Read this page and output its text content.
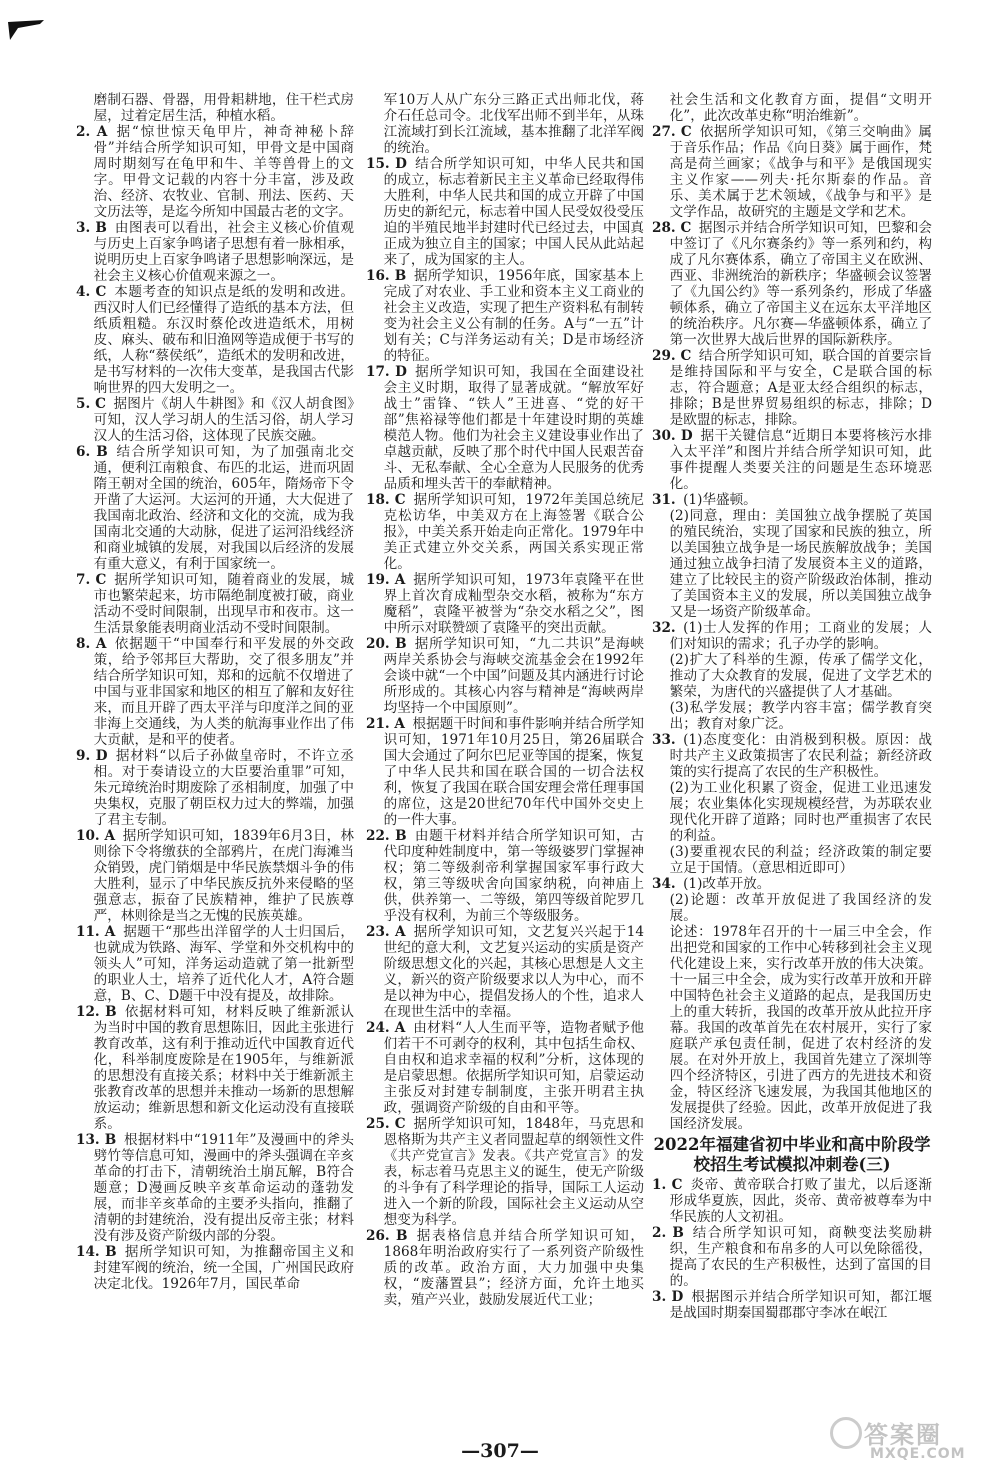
磨制石器、骨器，用骨耜耕地，住干栏式房屋，过着定居生活，种植水稻。

2. A 据“惊世惊天龟甲片，神奇神秘卜辞骨”并结合所学知识可知，甲骨文是中国商周时期刻写在龟甲和牛、羊等兽骨上的文字。甲骨文记载的内容十分丰富，涉及政治、经济、农牧业、官制、刑法、医药、天文历法等，是迄今所知中国最古老的文字。

3. B 由图表可以看出，社会主义核心价值观与历史上百家争鸣诸子思想有着一脉相承，说明历史上百家争鸣诸子思想影响深远，是社会主义核心价值观来源之一。

4. C 本题考查的知识点是纸的发明和改进。西汉时人们已经懂得了造纸的基本方法，但纸质粗糙。东汉时蔡伦改进造纸术，用树皮、麻头、破布和旧渔网等造成便于书写的纸，人称“蔡侯纸”，造纸术的发明和改进，是书写材料的一次伟大变革，是我国古代影响世界的四大发明之一。

5. C 据图片《胡人牛耕图》和《汉人胡食图》可知，汉人学习胡人的生活习俗，胡人学习汉人的生活习俗，这体现了民族交融。

6. B 结合所学知识可知，为了加强南北交通，便利江南粮食、布匹的北运，进而巩固隋王朝对全国的统治，605年，隋炀帝下令开凿了大运河。大运河的开通，大大促进了我国南北政治、经济和文化的交流，成为我国南北交通的大动脉，促进了运河沿线经济和商业城镇的发展，对我国以后经济的发展有重大意义，有利于国家统一。

7. C 据所学知识可知，随着商业的发展，城市也繁荣起来，坊市隔绝制度被打破，商业活动不受时间限制，出现早市和夜市。这一生活景象能表明商业活动不受时间限制。

8. A 依据题干“中国奉行和平发展的外交政策，给予邻邦巨大帮助，交了很多朋友”并结合所学知识可知，郑和的远航不仅增进了中国与亚非国家和地区的相互了解和友好往来，而且开辟了西太平洋与印度洋之间的亚非海上交通线，为人类的航海事业作出了伟大贡献，是和平的使者。

9. D 据材料“以后子孙做皇帝时，不许立丞相。对于奏请设立的大臣要治重罪”可知，朱元璋统治时期废除了丞相制度，加强了中央集权，克服了朝臣权力过大的弊端，加强了君主专制。

10. A 据所学知识可知，1839年6月3日，林则徐下令将缴获的全部鸦片，在虎门海滩当众销毁，虎门销烟是中华民族禁烟斗争的伟大胜利，显示了中华民族反抗外来侵略的坚强意志，振奋了民族精神，维护了民族尊严，林则徐是当之无愧的民族英雄。

11. A 据题干“那些出洋留学的人士归国后，也就成为铁路、海军、学堂和外交机构中的领头人”可知，洋务运动造就了第一批新型的职业人士，培养了近代化人才，A符合题意，B、C、D题干中没有提及，故排除。

12. B 依据材料可知，材料反映了维新派认为当时中国的教育思想陈旧，因此主张进行教育改革，这有利于推动近代中国教育近代化，科举制度废除是在1905年，与维新派的思想没有直接关系；材料中关于维新派主张教育改革的思想并未推动一场新的思想解放运动；维新思想和新文化运动没有直接联系。

13. B 根据材料中“1911年”及漫画中的斧头劈竹等信息可知，漫画中的斧头强调在辛亥革命的打击下，清朝统治土崩瓦解，B符合题意；D漫画反映辛亥革命运动的蓬勃发展，而非辛亥革命的主要矛头指向，推翻了清朝的封建统治，没有提出反帝主张；材料没有涉及资产阶级内部的分裂。

14. B 据所学知识可知，为推翻帝国主义和封建军阀的统治，统一全国，广州国民政府决定北伐。1926年7月，国民革命

军10万人从广东分三路正式出师北伐，蒋介石任总司令。北伐军出师不到半年，从珠江流域打到长江流域，基本推翻了北洋军阀的统治。

15. D 结合所学知识可知，中华人民共和国的成立，标志着新民主主义革命已经取得伟大胜利，中华人民共和国的成立开辟了中国历史的新纪元，标志着中国人民受奴役受压迫的半殖民地半封建时代已经过去，中国真正成为独立自主的国家；中国人民从此站起来了，成为国家的主人。

16. B 据所学知识，1956年底，国家基本上完成了对农业、手工业和资本主义工商业的社会主义改造，实现了把生产资料私有制转变为社会主义公有制的任务。A与“一五”计划有关；C与洋务运动有关；D是市场经济的特征。

17. D 据所学知识可知，我国在全面建设社会主义时期，取得了显著成就。“解放军好战士”雷锋、“铁人”王进喜、“党的好干部”焦裕禄等他们都是十年建设时期的英雄模范人物。他们为社会主义建设事业作出了卓越贡献，反映了那个时代中国人民艰苦奋斗、无私奉献、全心全意为人民服务的优秀品质和埋头苦干的奉献精神。

18. C 据所学知识可知，1972年美国总统尼克松访华，中美双方在上海签署《联合公报》，中美关系开始走向正常化。1979年中美正式建立外交关系，两国关系实现正常化。

19. A 据所学知识可知，1973年袁隆平在世界上首次育成籼型杂交水稻，被称为“东方魔稻”，袁隆平被誉为“杂交水稻之父”，图中所示对联赞颂了袁隆平的突出贡献。

20. B 据所学知识可知，“九二共识”是海峡两岸关系协会与海峡交流基金会在1992年会谈中就“一个中国”问题及其内涵进行讨论所形成的。其核心内容与精神是“海峡两岸均坚持一个中国原则”。

21. A 根据题干时间和事件影响并结合所学知识可知，1971年10月25日，第26届联合国大会通过了阿尔巴尼亚等国的提案，恢复了中华人民共和国在联合国的一切合法权利，恢复了我国在联合国安理会常任理事国的席位，这是20世纪70年代中国外交史上的一件大事。

22. B 由题干材料并结合所学知识可知，古代印度种姓制度中，第一等级婆罗门掌握神权；第二等级刹帝利掌握国家军事行政大权，第三等级吠舍向国家纳税，向神庙上供，供养第一、二等级，第四等级首陀罗几乎没有权利，为前三个等级服务。

23. A 据所学知识可知，文艺复兴兴起于14世纪的意大利，文艺复兴运动的实质是资产阶级思想文化的兴起，其核心思想是人文主义，新兴的资产阶级要求以人为中心，而不是以神为中心，提倡发扬人的个性，追求人在现世生活中的幸福。

24. A 由材料“人人生而平等，造物者赋予他们若干不可剥夺的权利，其中包括生命权、自由权和追求幸福的权利”分析，这体现的是启蒙思想。依据所学知识可知，启蒙运动主张反对封建专制制度，主张开明君主执政，强调资产阶级的自由和平等。

25. C 据所学知识可知，1848年，马克思和恩格斯为共产主义者同盟起草的纲领性文件《共产党宣言》发表。《共产党宣言》的发表，标志着马克思主义的诞生，使无产阶级的斗争有了科学理论的指导，国际工人运动进入一个新的阶段，国际社会主义运动从空想变为科学。

26. B 据表格信息并结合所学知识可知，1868年明治政府实行了一系列资产阶级性质的改革。政治方面，大力加强中央集权，“废藩置县”；经济方面，允许土地买卖，殖产兴业，鼓励发展近代工业；

社会生活和文化教育方面，提倡“文明开化”，此次改革史称“明治维新”。

27. C 依据所学知识可知，《第三交响曲》属于音乐作品；作品《向日葵》属于画作，梵高是荷兰画家；《战争与和平》是俄国现实主义作家——列夫·托尔斯泰的作品。音乐、美术属于艺术领域，《战争与和平》是文学作品，故研究的主题是文学和艺术。

28. C 据图示并结合所学知识可知，巴黎和会中签订了《凡尔赛条约》等一系列和约，构成了凡尔赛体系，确立了帝国主义在欧洲、西亚、非洲统治的新秩序；华盛顿会议签署了《九国公约》等一系列条约，形成了华盛顿体系，确立了帝国主义在远东太平洋地区的统治秩序。凡尔赛—华盛顿体系，确立了第一次世界大战后世界的国际新秩序。

29. C 结合所学知识可知，联合国的首要宗旨是维持国际和平与安全，C是联合国的标志，符合题意；A是亚太经合组织的标志，排除；B是世界贸易组织的标志，排除；D是欧盟的标志，排除。

30. D 据干关键信息“近期日本要将核污水排入太平洋”和图片并结合所学知识可知，此事件提醒人类要关注的问题是生态环境恶化。

31. (1)华盛顿。

(2)同意，理由：美国独立战争摆脱了英国的殖民统治，实现了国家和民族的独立，所以美国独立战争是一场民族解放战争；美国通过独立战争扫清了发展资本主义的道路，建立了比较民主的资产阶级政治体制，推动了美国资本主义的发展，所以美国独立战争又是一场资产阶级革命。

32. (1)士人发挥的作用；工商业的发展；人们对知识的需求；孔子办学的影响。

(2)扩大了科举的生源，传承了儒学文化，推动了大众教育的发展，促进了文学艺术的繁荣，为唐代的兴盛提供了人才基础。

(3)私学发展；教学内容丰富；儒学教育突出；教育对象广泛。

33. (1)态度变化：由消极到积极。原因：战时共产主义政策损害了农民利益；新经济政策的实行提高了农民的生产积极性。

(2)为工业化积累了资金，促进工业迅速发展；农业集体化实现规模经营，为苏联农业现代化开辟了道路；同时也严重损害了农民的利益。

(3)要重视农民的利益；经济政策的制定要立足于国情。（意思相近即可）

34. (1)改革开放。

(2)论题：改革开放促进了我国经济的发展。

论述：1978年召开的十一届三中全会，作出把党和国家的工作中心转移到社会主义现代化建设上来，实行改革开放的伟大决策。十一届三中全会，成为实行改革开放和开辟中国特色社会主义道路的起点，是我国历史上的重大转折，我国的改革开放从此拉开序幕。我国的改革首先在农村展开，实行了家庭联产承包责任制，促进了农村经济的发展。在对外开放上，我国首先建立了深圳等四个经济特区，引进了西方的先进技术和资金，特区经济飞速发展，为我国其他地区的发展提供了经验。因此，改革开放促进了我国经济发展。

2022年福建省初中毕业和高中阶段学校招生考试模拟冲刺卷(三)

1. C 炎帝、黄帝联合打败了蚩尤，以后逐渐形成华夏族，因此，炎帝、黄帝被尊奉为中华民族的人文初祖。

2. B 结合所学知识可知，商鞅变法奖励耕织，生产粮食和布帛多的人可以免除徭役，提高了农民的生产积极性，达到了富国的目的。

3. D 根据图示并结合所学知识可知，都江堰是战国时期秦国蜀郡郡守李冰在岷江

—307—
答案圈
MXQE.COM
